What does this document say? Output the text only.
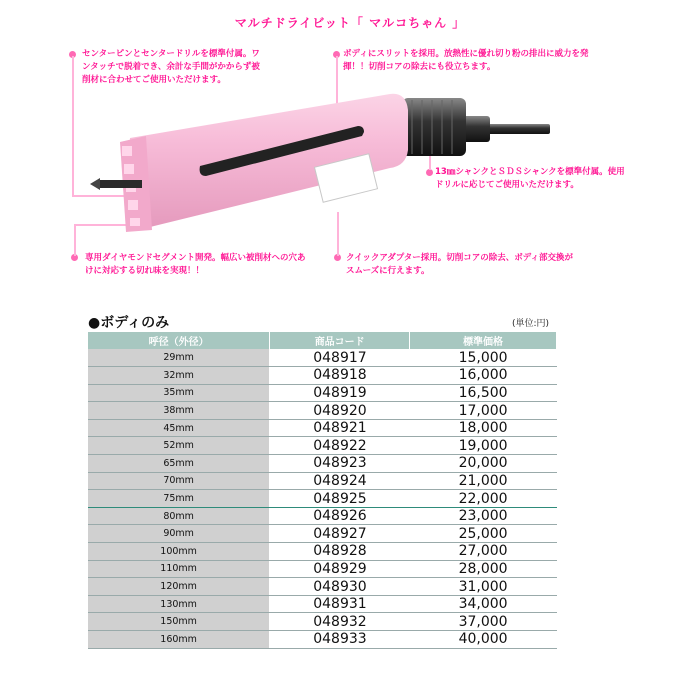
マルチドライビット「 マルコちゃん 」
センターピンとセンタードリルを標準付属。ワンタッチで脱着でき、余計な手間がかからず被削材に合わせてご使用いただけます。
ボディにスリットを採用。放熱性に優れ切り粉の排出に威力を発揮！！切削コアの除去にも役立ちます。
13㎜シャンクとＳＤＳシャンクを標準付属。使用ドリルに応じてご使用いただけます。
専用ダイヤモンドセグメント開発。幅広い被削材への穴あけに対応する切れ味を実現！！
クイックアダプター採用。切削コアの除去、ボディ部交換がスムーズに行えます。
●ボディのみ	(単位:円)
呼径（外径）	商品コード	標準価格
29mm	048917	15,000
32mm	048918	16,000
35mm	048919	16,500
38mm	048920	17,000
45mm	048921	18,000
52mm	048922	19,000
65mm	048923	20,000
70mm	048924	21,000
75mm	048925	22,000
80mm	048926	23,000
90mm	048927	25,000
100mm	048928	27,000
110mm	048929	28,000
120mm	048930	31,000
130mm	048931	34,000
150mm	048932	37,000
160mm	048933	40,000
